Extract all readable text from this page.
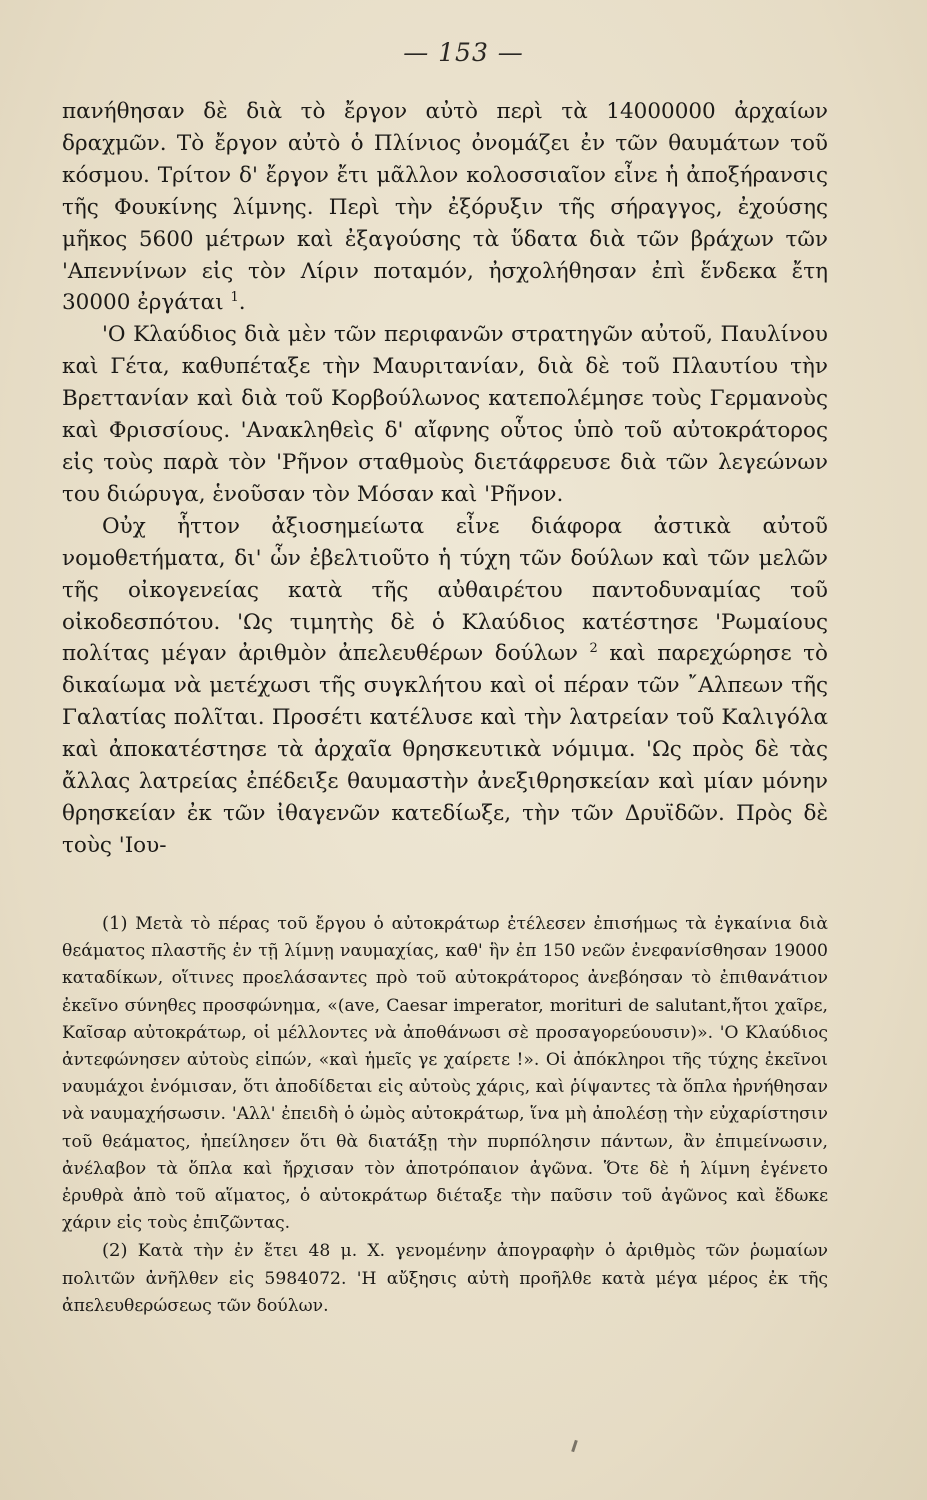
— 153 —

πανήθησαν δὲ διὰ τὸ ἔργον αὐτὸ περὶ τὰ 14000000 ἀρχαίων δραχμῶν. Τὸ ἔργον αὐτὸ ὁ Πλίνιος ὀνομάζει ἐν τῶν θαυμάτων τοῦ κόσμου. Τρίτον δ' ἔργον ἔτι μᾶλλον κολοσσιαῖον εἶνε ἡ ἀποξήρανσις τῆς Φουκίνης λίμνης. Περὶ τὴν ἐξόρυξιν τῆς σήραγγος, ἐχούσης μῆκος 5600 μέτρων καὶ ἐξαγούσης τὰ ὕδατα διὰ τῶν βράχων τῶν 'Απεννίνων εἰς τὸν Λίριν ποταμόν, ἠσχολήθησαν ἐπὶ ἕνδεκα ἔτη 30000 ἐργάται $^1$.

'Ο Κλαύδιος διὰ μὲν τῶν περιφανῶν στρατηγῶν αὐτοῦ, Παυλίνου καὶ Γέτα, καθυπέταξε τὴν Μαυριτανίαν, διὰ δὲ τοῦ Πλαυτίου τὴν Βρεττανίαν καὶ διὰ τοῦ Κορβούλωνος κατεπολέμησε τοὺς Γερμανοὺς καὶ Φρισσίους. 'Ανακληθεὶς δ' αἴφνης οὗτος ὑπὸ τοῦ αὐτοκράτορος εἰς τοὺς παρὰ τὸν 'Ρῆνον σταθμοὺς διετάφρευσε διὰ τῶν λεγεώνων του διώρυγα, ἑνοῦσαν τὸν Μόσαν καὶ 'Ρῆνον.

Οὐχ ἧττον ἀξιοσημείωτα εἶνε διάφορα ἀστικὰ αὐτοῦ νομοθετήματα, δι' ὧν ἐβελτιοῦτο ἡ τύχη τῶν δούλων καὶ τῶν μελῶν τῆς οἰκογενείας κατὰ τῆς αὐθαιρέτου παντοδυναμίας τοῦ οἰκοδεσπότου. 'Ως τιμητὴς δὲ ὁ Κλαύδιος κατέστησε 'Ρωμαίους πολίτας μέγαν ἀριθμὸν ἀπελευθέρων δούλων $^2$ καὶ παρεχώρησε τὸ δικαίωμα νὰ μετέχωσι τῆς συγκλήτου καὶ οἱ πέραν τῶν ῎Αλπεων τῆς Γαλατίας πολῖται. Προσέτι κατέλυσε καὶ τὴν λατρείαν τοῦ Καλιγόλα καὶ ἀποκατέστησε τὰ ἀρχαῖα θρησκευτικὰ νόμιμα. 'Ως πρὸς δὲ τὰς ἄλλας λατρείας ἐπέδειξε θαυμαστὴν ἀνεξιθρησκείαν καὶ μίαν μόνην θρησκείαν ἐκ τῶν ἰθαγενῶν κατεδίωξε, τὴν τῶν Δρυϊδῶν. Πρὸς δὲ τοὺς 'Ιου-

(1) Μετὰ τὸ πέρας τοῦ ἔργου ὁ αὐτοκράτωρ ἐτέλεσεν ἐπισήμως τὰ ἐγκαίνια διὰ θεάματος πλαστῆς ἐν τῇ λίμνῃ ναυμαχίας, καθ' ἣν ἐπ 150 νεῶν ἐνεφανίσθησαν 19000 καταδίκων, οἵτινες προελάσαντες πρὸ τοῦ αὐτοκράτορος ἀνεβόησαν τὸ ἐπιθανάτιον ἐκεῖνο σύνηθες προσφώνημα, «(ave, Caesar imperator, morituri de salutant,ἤτοι χαῖρε, Καῖσαρ αὐτοκράτωρ, οἱ μέλλοντες νὰ ἀποθάνωσι σὲ προσαγορεύουσιν)». 'Ο Κλαύδιος ἀντεφώνησεν αὐτοὺς εἰπών, «καὶ ἡμεῖς γε χαίρετε !». Οἱ ἀπόκληροι τῆς τύχης ἐκεῖνοι ναυμάχοι ἐνόμισαν, ὅτι ἀποδίδεται εἰς αὐτοὺς χάρις, καὶ ῥίψαντες τὰ ὅπλα ἠρνήθησαν νὰ ναυμαχήσωσιν. 'Αλλ' ἐπειδὴ ὁ ὠμὸς αὐτοκράτωρ, ἵνα μὴ ἀπολέσῃ τὴν εὐχαρίστησιν τοῦ θεάματος, ἠπείλησεν ὅτι θὰ διατάξῃ τὴν πυρπόλησιν πάντων, ἂν ἐπιμείνωσιν, ἀνέλαβον τὰ ὅπλα καὶ ἤρχισαν τὸν ἀποτρόπαιον ἀγῶνα. Ὅτε δὲ ἡ λίμνη ἐγένετο ἐρυθρὰ ἀπὸ τοῦ αἵματος, ὁ αὐτοκράτωρ διέταξε τὴν παῦσιν τοῦ ἀγῶνος καὶ ἔδωκε χάριν εἰς τοὺς ἐπιζῶντας.

(2) Κατὰ τὴν ἐν ἔτει 48 μ. Χ. γενομένην ἀπογραφὴν ὁ ἀριθμὸς τῶν ῥωμαίων πολιτῶν ἀνῆλθεν εἰς 5984072. 'Η αὔξησις αὐτὴ προῆλθε κατὰ μέγα μέρος ἐκ τῆς ἀπελευθερώσεως τῶν δούλων.
